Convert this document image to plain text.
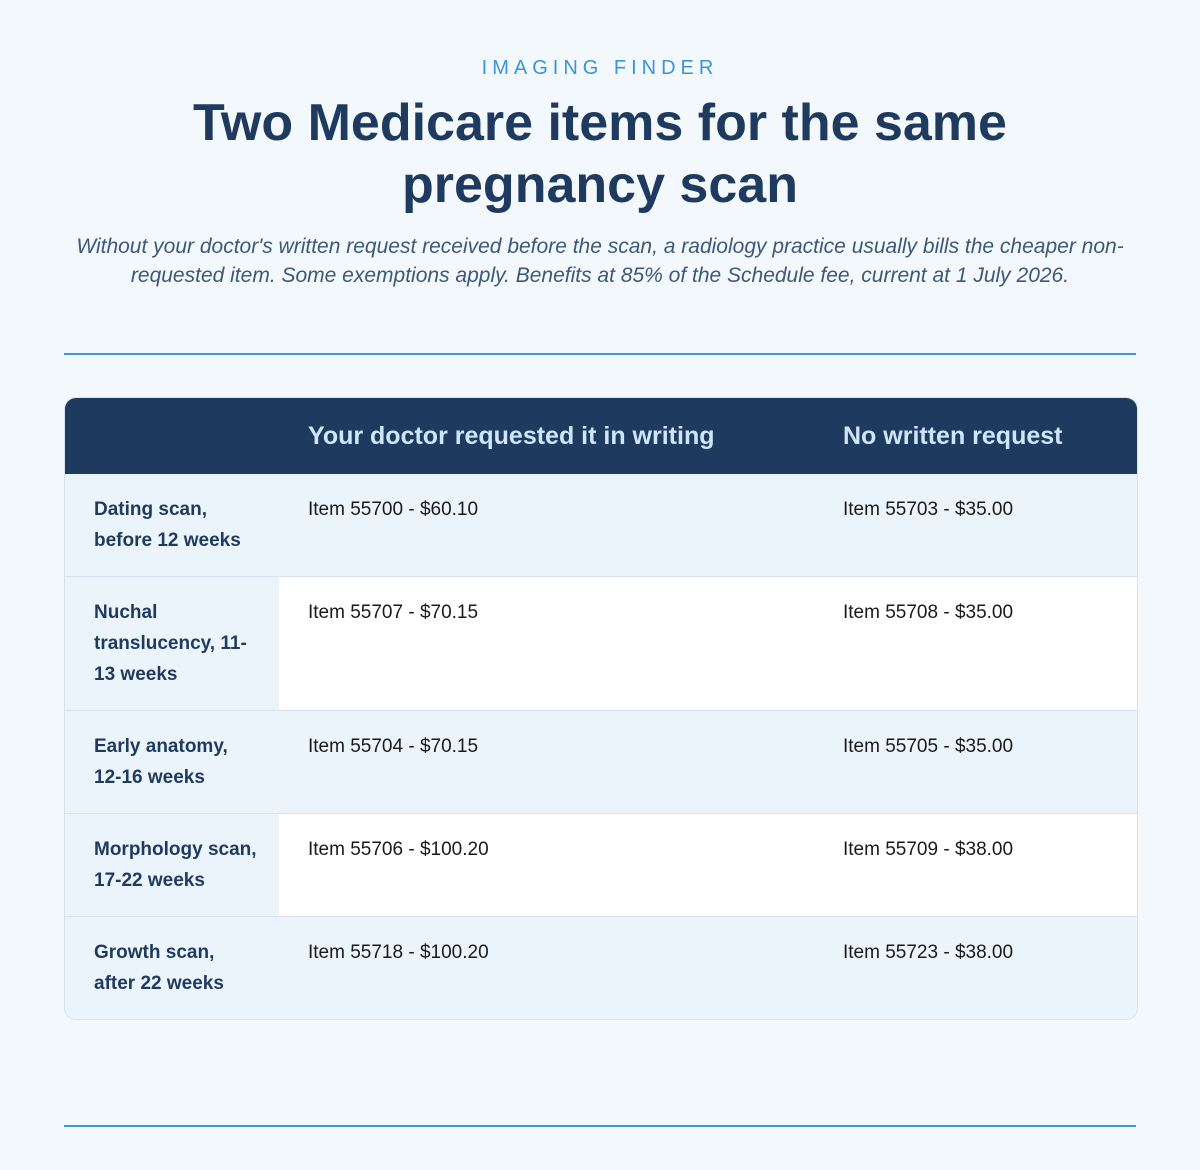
IMAGING FINDER

Two Medicare items for the same pregnancy scan

Without your doctor's written request received before the scan, a radiology practice usually bills the cheaper non-requested item. Some exemptions apply. Benefits at 85% of the Schedule fee, current at 1 July 2026.

	Your doctor requested it in writing	No written request
Dating scan, before 12 weeks	Item 55700 - $60.10	Item 55703 - $35.00
Nuchal translucency, 11-13 weeks	Item 55707 - $70.15	Item 55708 - $35.00
Early anatomy, 12-16 weeks	Item 55704 - $70.15	Item 55705 - $35.00
Morphology scan, 17-22 weeks	Item 55706 - $100.20	Item 55709 - $38.00
Growth scan, after 22 weeks	Item 55718 - $100.20	Item 55723 - $38.00
